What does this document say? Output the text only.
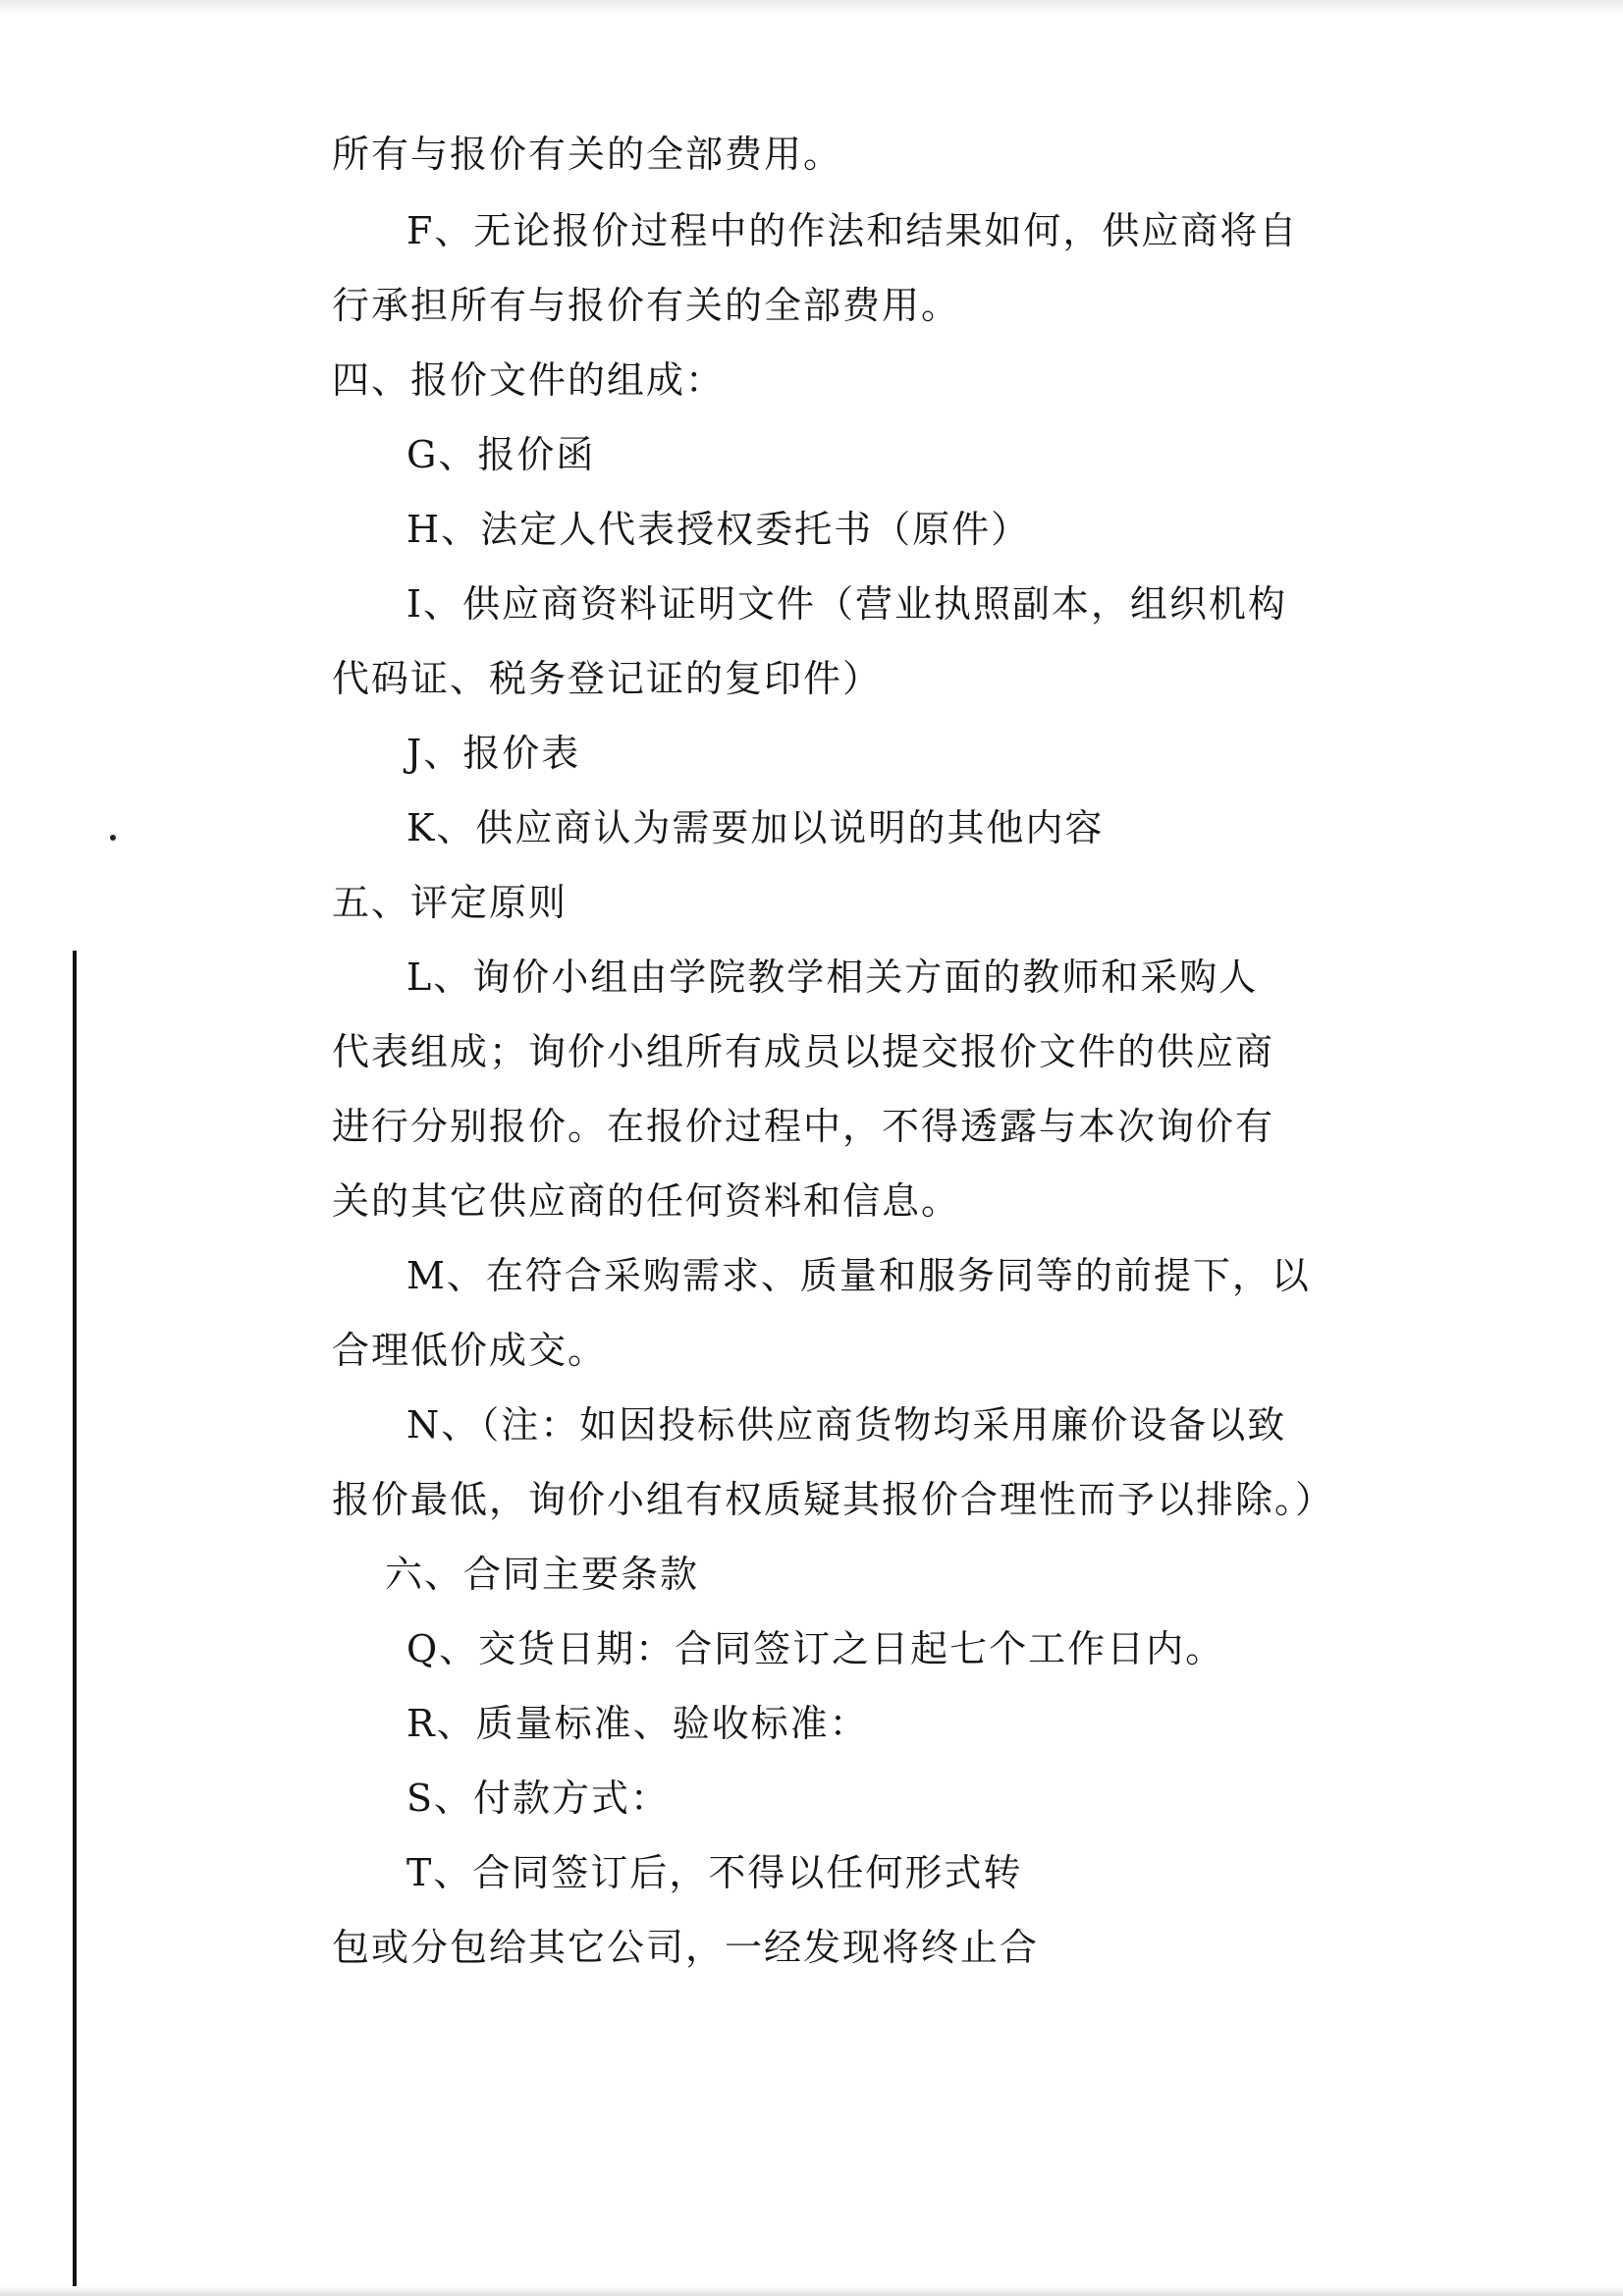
所有与报价有关的全部费用。
F、无论报价过程中的作法和结果如何，供应商将自
行承担所有与报价有关的全部费用。
四、报价文件的组成：
G、报价函
H、法定人代表授权委托书（原件）
I、供应商资料证明文件（营业执照副本，组织机构
代码证、税务登记证的复印件）
J、报价表
K、供应商认为需要加以说明的其他内容
五、评定原则
L、询价小组由学院教学相关方面的教师和采购人
代表组成；询价小组所有成员以提交报价文件的供应商
进行分别报价。在报价过程中，不得透露与本次询价有
关的其它供应商的任何资料和信息。
M、在符合采购需求、质量和服务同等的前提下，以
合理低价成交。
N、（注：如因投标供应商货物均采用廉价设备以致
报价最低，询价小组有权质疑其报价合理性而予以排除。）
六、合同主要条款
Q、交货日期：合同签订之日起七个工作日内。
R、质量标准、验收标准：
S、付款方式：
T、合同签订后，不得以任何形式转
包或分包给其它公司，一经发现将终止合
